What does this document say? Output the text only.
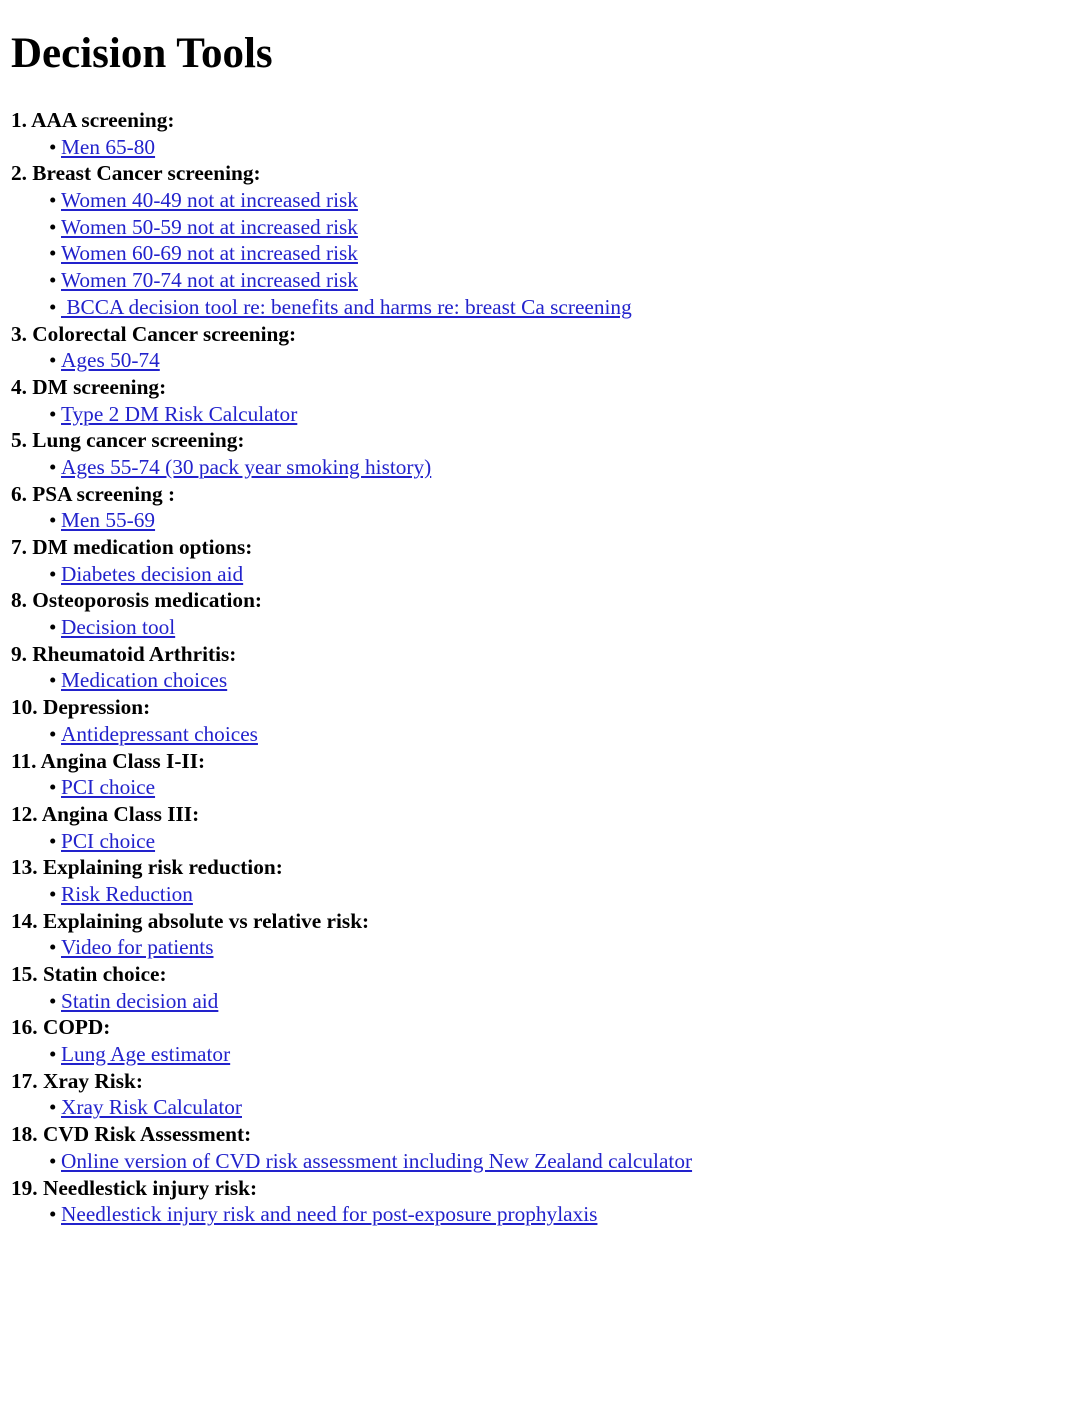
Decision Tools
1. AAA screening:
• Men 65-80
2. Breast Cancer screening:
• Women 40-49 not at increased risk
• Women 50-59 not at increased risk
• Women 60-69 not at increased risk
• Women 70-74 not at increased risk
• BCCA decision tool re: benefits and harms re: breast Ca screening
3. Colorectal Cancer screening:
• Ages 50-74
4. DM screening:
• Type 2 DM Risk Calculator
5. Lung cancer screening:
• Ages 55-74 (30 pack year smoking history)
6. PSA screening :
• Men 55-69
7. DM medication options:
• Diabetes decision aid
8. Osteoporosis medication:
• Decision tool
9. Rheumatoid Arthritis:
• Medication choices
10. Depression:
• Antidepressant choices
11. Angina Class I-II:
• PCI choice
12. Angina Class III:
• PCI choice
13. Explaining risk reduction:
• Risk Reduction
14. Explaining absolute vs relative risk:
• Video for patients
15. Statin choice:
• Statin decision aid
16. COPD:
• Lung Age estimator
17. Xray Risk:
• Xray Risk Calculator
18. CVD Risk Assessment:
• Online version of CVD risk assessment including New Zealand calculator
19. Needlestick injury risk:
• Needlestick injury risk and need for post-exposure prophylaxis
